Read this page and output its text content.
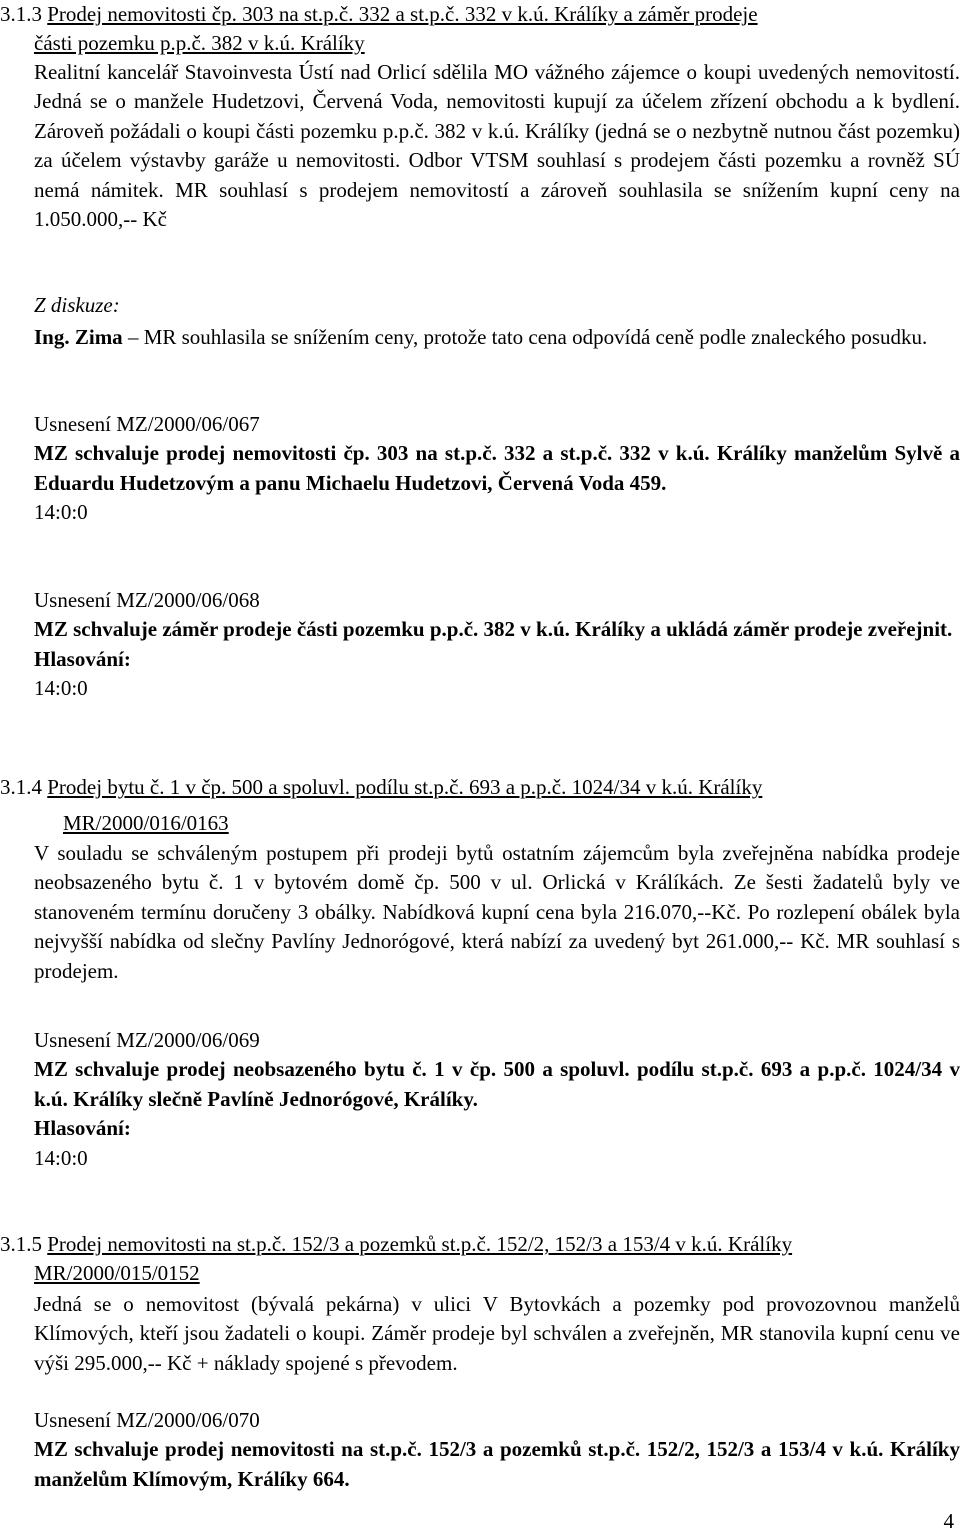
3.1.3 Prodej nemovitosti čp. 303 na st.p.č. 332 a st.p.č. 332 v k.ú. Králíky a záměr prodeje

části pozemku p.p.č. 382 v k.ú. Králíky

Realitní kancelář Stavoinvesta Ústí nad Orlicí sdělila MO vážného zájemce o koupi uvedených nemovitostí. Jedná se o manžele Hudetzovi, Červená Voda, nemovitosti kupují za účelem zřízení obchodu a k bydlení. Zároveň požádali o koupi části pozemku p.p.č. 382 v k.ú. Králíky (jedná se o nezbytně nutnou část pozemku) za účelem výstavby garáže u nemovitosti. Odbor VTSM souhlasí s prodejem části pozemku a rovněž SÚ nemá námitek. MR souhlasí s prodejem nemovitostí a zároveň souhlasila se snížením kupní ceny na 1.050.000,-- Kč

Z diskuze:

Ing. Zima – MR souhlasila se snížením ceny, protože tato cena odpovídá ceně podle znaleckého posudku.

Usnesení MZ/2000/06/067

MZ schvaluje prodej nemovitosti čp. 303 na st.p.č. 332 a st.p.č. 332 v k.ú. Králíky manželům Sylvě a Eduardu Hudetzovým a panu Michaelu Hudetzovi, Červená Voda 459.

14:0:0

Usnesení MZ/2000/06/068

MZ schvaluje záměr prodeje části pozemku p.p.č. 382 v k.ú. Králíky a ukládá záměr prodeje zveřejnit.

Hlasování:

14:0:0

3.1.4 Prodej bytu č. 1 v čp. 500 a spoluvl. podílu st.p.č. 693 a p.p.č. 1024/34 v k.ú. Králíky

MR/2000/016/0163

V souladu se schváleným postupem při prodeji bytů ostatním zájemcům byla zveřejněna nabídka prodeje neobsazeného bytu č. 1 v bytovém domě čp. 500 v ul. Orlická v Králíkách. Ze šesti žadatelů byly ve stanoveném termínu doručeny 3 obálky. Nabídková kupní cena byla 216.070,--Kč. Po rozlepení obálek byla nejvyšší nabídka od slečny Pavlíny Jednorógové, která nabízí za uvedený byt 261.000,-- Kč. MR souhlasí s prodejem.

Usnesení MZ/2000/06/069

MZ schvaluje prodej neobsazeného bytu č. 1 v čp. 500 a spoluvl. podílu st.p.č. 693 a p.p.č. 1024/34 v k.ú. Králíky slečně Pavlíně Jednorógové, Králíky.

Hlasování:

14:0:0

3.1.5 Prodej nemovitosti na st.p.č. 152/3 a pozemků st.p.č. 152/2, 152/3 a 153/4 v k.ú. Králíky

MR/2000/015/0152

Jedná se o nemovitost (bývalá pekárna) v ulici V Bytovkách a pozemky pod provozovnou manželů Klímových, kteří jsou žadateli o koupi. Záměr prodeje byl schválen a zveřejněn, MR stanovila kupní cenu ve výši 295.000,-- Kč + náklady spojené s převodem.

Usnesení MZ/2000/06/070

MZ schvaluje prodej nemovitosti na st.p.č. 152/3 a pozemků st.p.č. 152/2, 152/3 a 153/4 v k.ú. Králíky manželům Klímovým, Králíky 664.

4
